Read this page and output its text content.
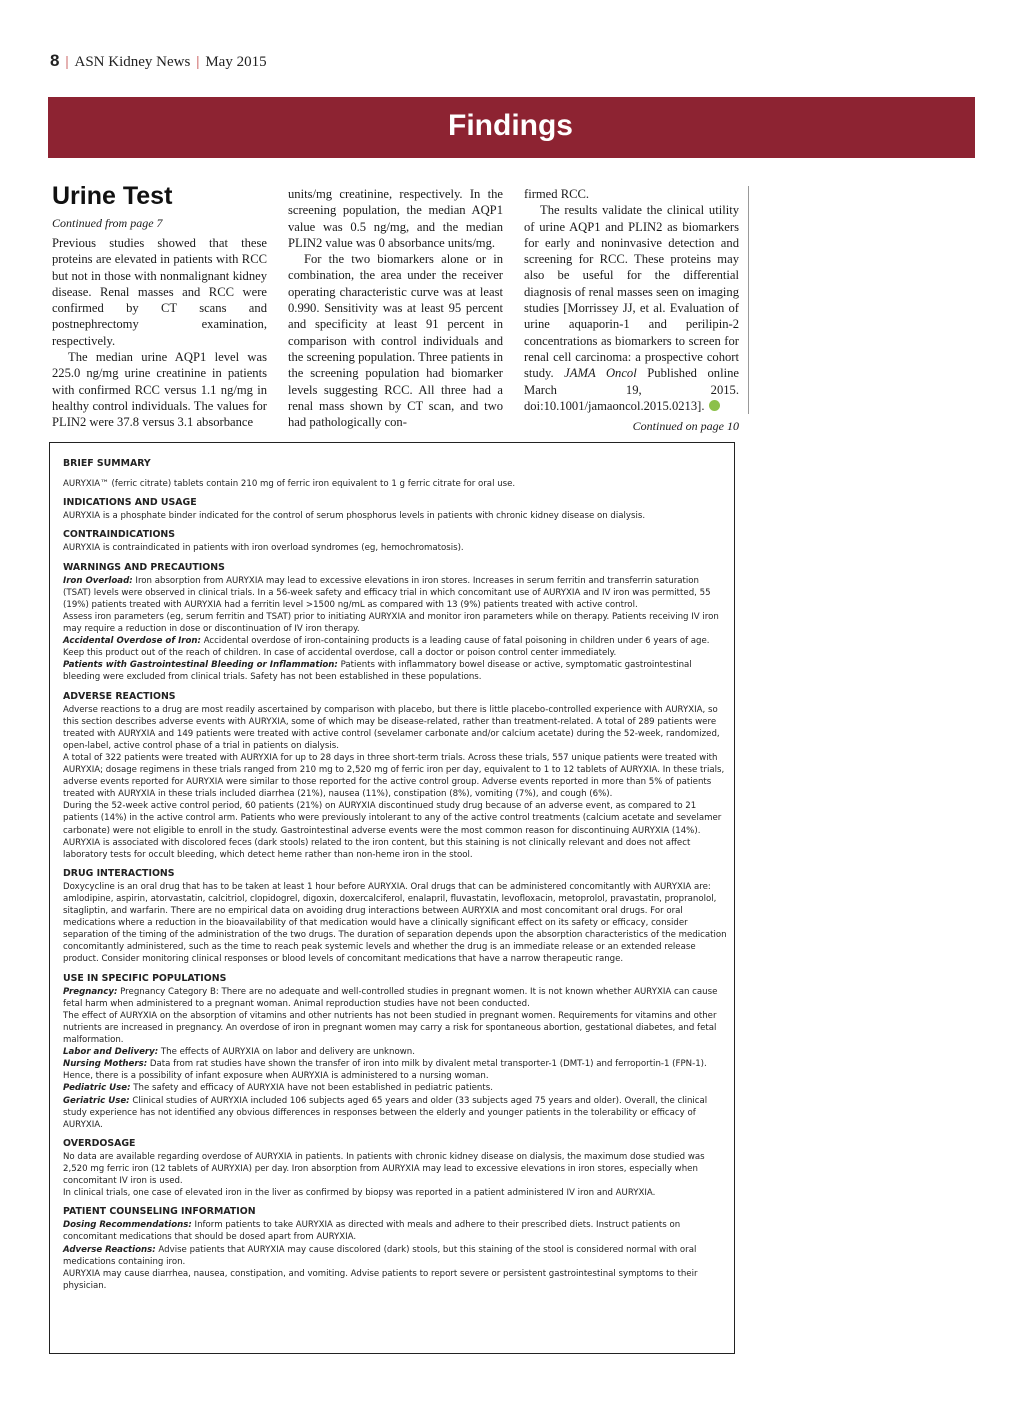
8 | ASN Kidney News | May 2015
Findings
Urine Test
Continued from page 7

Previous studies showed that these proteins are elevated in patients with RCC but not in those with nonmalignant kidney disease. Renal masses and RCC were confirmed by CT scans and postnephrectomy examination, respectively.

The median urine AQP1 level was 225.0 ng/mg urine creatinine in patients with confirmed RCC versus 1.1 ng/mg in healthy control individuals. The values for PLIN2 were 37.8 versus 3.1 absorbance

units/mg creatinine, respectively. In the screening population, the median AQP1 value was 0.5 ng/mg, and the median PLIN2 value was 0 absorbance units/mg.

For the two biomarkers alone or in combination, the area under the receiver operating characteristic curve was at least 0.990. Sensitivity was at least 95 percent and specificity at least 91 percent in comparison with control individuals and the screening population. Three patients in the screening population had biomarker levels suggesting RCC. All three had a renal mass shown by CT scan, and two had pathologically con-

firmed RCC.

The results validate the clinical utility of urine AQP1 and PLIN2 as biomarkers for early and noninvasive detection and screening for RCC. These proteins may also be useful for the differential diagnosis of renal masses seen on imaging studies [Morrissey JJ, et al. Evaluation of urine aquaporin-1 and perilipin-2 concentrations as biomarkers to screen for renal cell carcinoma: a prospective cohort study. JAMA Oncol Published online March 19, 2015. doi:10.1001/jamaoncol.2015.0213].

Continued on page 10
BRIEF SUMMARY

AURYXIA™ (ferric citrate) tablets contain 210 mg of ferric iron equivalent to 1 g ferric citrate for oral use.

INDICATIONS AND USAGE

AURYXIA is a phosphate binder indicated for the control of serum phosphorus levels in patients with chronic kidney disease on dialysis.

CONTRAINDICATIONS

AURYXIA is contraindicated in patients with iron overload syndromes (eg, hemochromatosis).

WARNINGS AND PRECAUTIONS

Iron Overload: Iron absorption from AURYXIA may lead to excessive elevations in iron stores. Increases in serum ferritin and transferrin saturation (TSAT) levels were observed in clinical trials. In a 56-week safety and efficacy trial in which concomitant use of AURYXIA and IV iron was permitted, 55 (19%) patients treated with AURYXIA had a ferritin level >1500 ng/mL as compared with 13 (9%) patients treated with active control.

Assess iron parameters (eg, serum ferritin and TSAT) prior to initiating AURYXIA and monitor iron parameters while on therapy. Patients receiving IV iron may require a reduction in dose or discontinuation of IV iron therapy.

Accidental Overdose of Iron: Accidental overdose of iron-containing products is a leading cause of fatal poisoning in children under 6 years of age. Keep this product out of the reach of children. In case of accidental overdose, call a doctor or poison control center immediately.

Patients with Gastrointestinal Bleeding or Inflammation: Patients with inflammatory bowel disease or active, symptomatic gastrointestinal bleeding were excluded from clinical trials. Safety has not been established in these populations.

ADVERSE REACTIONS

Adverse reactions to a drug are most readily ascertained by comparison with placebo, but there is little placebo-controlled experience with AURYXIA, so this section describes adverse events with AURYXIA, some of which may be disease-related, rather than treatment-related. A total of 289 patients were treated with AURYXIA and 149 patients were treated with active control (sevelamer carbonate and/or calcium acetate) during the 52-week, randomized, open-label, active control phase of a trial in patients on dialysis.

A total of 322 patients were treated with AURYXIA for up to 28 days in three short-term trials. Across these trials, 557 unique patients were treated with AURYXIA; dosage regimens in these trials ranged from 210 mg to 2,520 mg of ferric iron per day, equivalent to 1 to 12 tablets of AURYXIA. In these trials, adverse events reported for AURYXIA were similar to those reported for the active control group. Adverse events reported in more than 5% of patients treated with AURYXIA in these trials included diarrhea (21%), nausea (11%), constipation (8%), vomiting (7%), and cough (6%).

During the 52-week active control period, 60 patients (21%) on AURYXIA discontinued study drug because of an adverse event, as compared to 21 patients (14%) in the active control arm. Patients who were previously intolerant to any of the active control treatments (calcium acetate and sevelamer carbonate) were not eligible to enroll in the study. Gastrointestinal adverse events were the most common reason for discontinuing AURYXIA (14%).

AURYXIA is associated with discolored feces (dark stools) related to the iron content, but this staining is not clinically relevant and does not affect laboratory tests for occult bleeding, which detect heme rather than non-heme iron in the stool.

DRUG INTERACTIONS

Doxycycline is an oral drug that has to be taken at least 1 hour before AURYXIA. Oral drugs that can be administered concomitantly with AURYXIA are: amlodipine, aspirin, atorvastatin, calcitriol, clopidogrel, digoxin, doxercalciferol, enalapril, fluvastatin, levofloxacin, metoprolol, pravastatin, propranolol, sitagliptin, and warfarin. There are no empirical data on avoiding drug interactions between AURYXIA and most concomitant oral drugs. For oral medications where a reduction in the bioavailability of that medication would have a clinically significant effect on its safety or efficacy, consider separation of the timing of the administration of the two drugs. The duration of separation depends upon the absorption characteristics of the medication concomitantly administered, such as the time to reach peak systemic levels and whether the drug is an immediate release or an extended release product. Consider monitoring clinical responses or blood levels of concomitant medications that have a narrow therapeutic range.

USE IN SPECIFIC POPULATIONS

Pregnancy: Pregnancy Category B: There are no adequate and well-controlled studies in pregnant women. It is not known whether AURYXIA can cause fetal harm when administered to a pregnant woman. Animal reproduction studies have not been conducted.

The effect of AURYXIA on the absorption of vitamins and other nutrients has not been studied in pregnant women. Requirements for vitamins and other nutrients are increased in pregnancy. An overdose of iron in pregnant women may carry a risk for spontaneous abortion, gestational diabetes, and fetal malformation.

Labor and Delivery: The effects of AURYXIA on labor and delivery are unknown.

Nursing Mothers: Data from rat studies have shown the transfer of iron into milk by divalent metal transporter-1 (DMT-1) and ferroportin-1 (FPN-1). Hence, there is a possibility of infant exposure when AURYXIA is administered to a nursing woman.

Pediatric Use: The safety and efficacy of AURYXIA have not been established in pediatric patients.

Geriatric Use: Clinical studies of AURYXIA included 106 subjects aged 65 years and older (33 subjects aged 75 years and older). Overall, the clinical study experience has not identified any obvious differences in responses between the elderly and younger patients in the tolerability or efficacy of AURYXIA.

OVERDOSAGE

No data are available regarding overdose of AURYXIA in patients. In patients with chronic kidney disease on dialysis, the maximum dose studied was 2,520 mg ferric iron (12 tablets of AURYXIA) per day. Iron absorption from AURYXIA may lead to excessive elevations in iron stores, especially when concomitant IV iron is used.

In clinical trials, one case of elevated iron in the liver as confirmed by biopsy was reported in a patient administered IV iron and AURYXIA.

PATIENT COUNSELING INFORMATION

Dosing Recommendations: Inform patients to take AURYXIA as directed with meals and adhere to their prescribed diets. Instruct patients on concomitant medications that should be dosed apart from AURYXIA.

Adverse Reactions: Advise patients that AURYXIA may cause discolored (dark) stools, but this staining of the stool is considered normal with oral medications containing iron.

AURYXIA may cause diarrhea, nausea, constipation, and vomiting. Advise patients to report severe or persistent gastrointestinal symptoms to their physician.
